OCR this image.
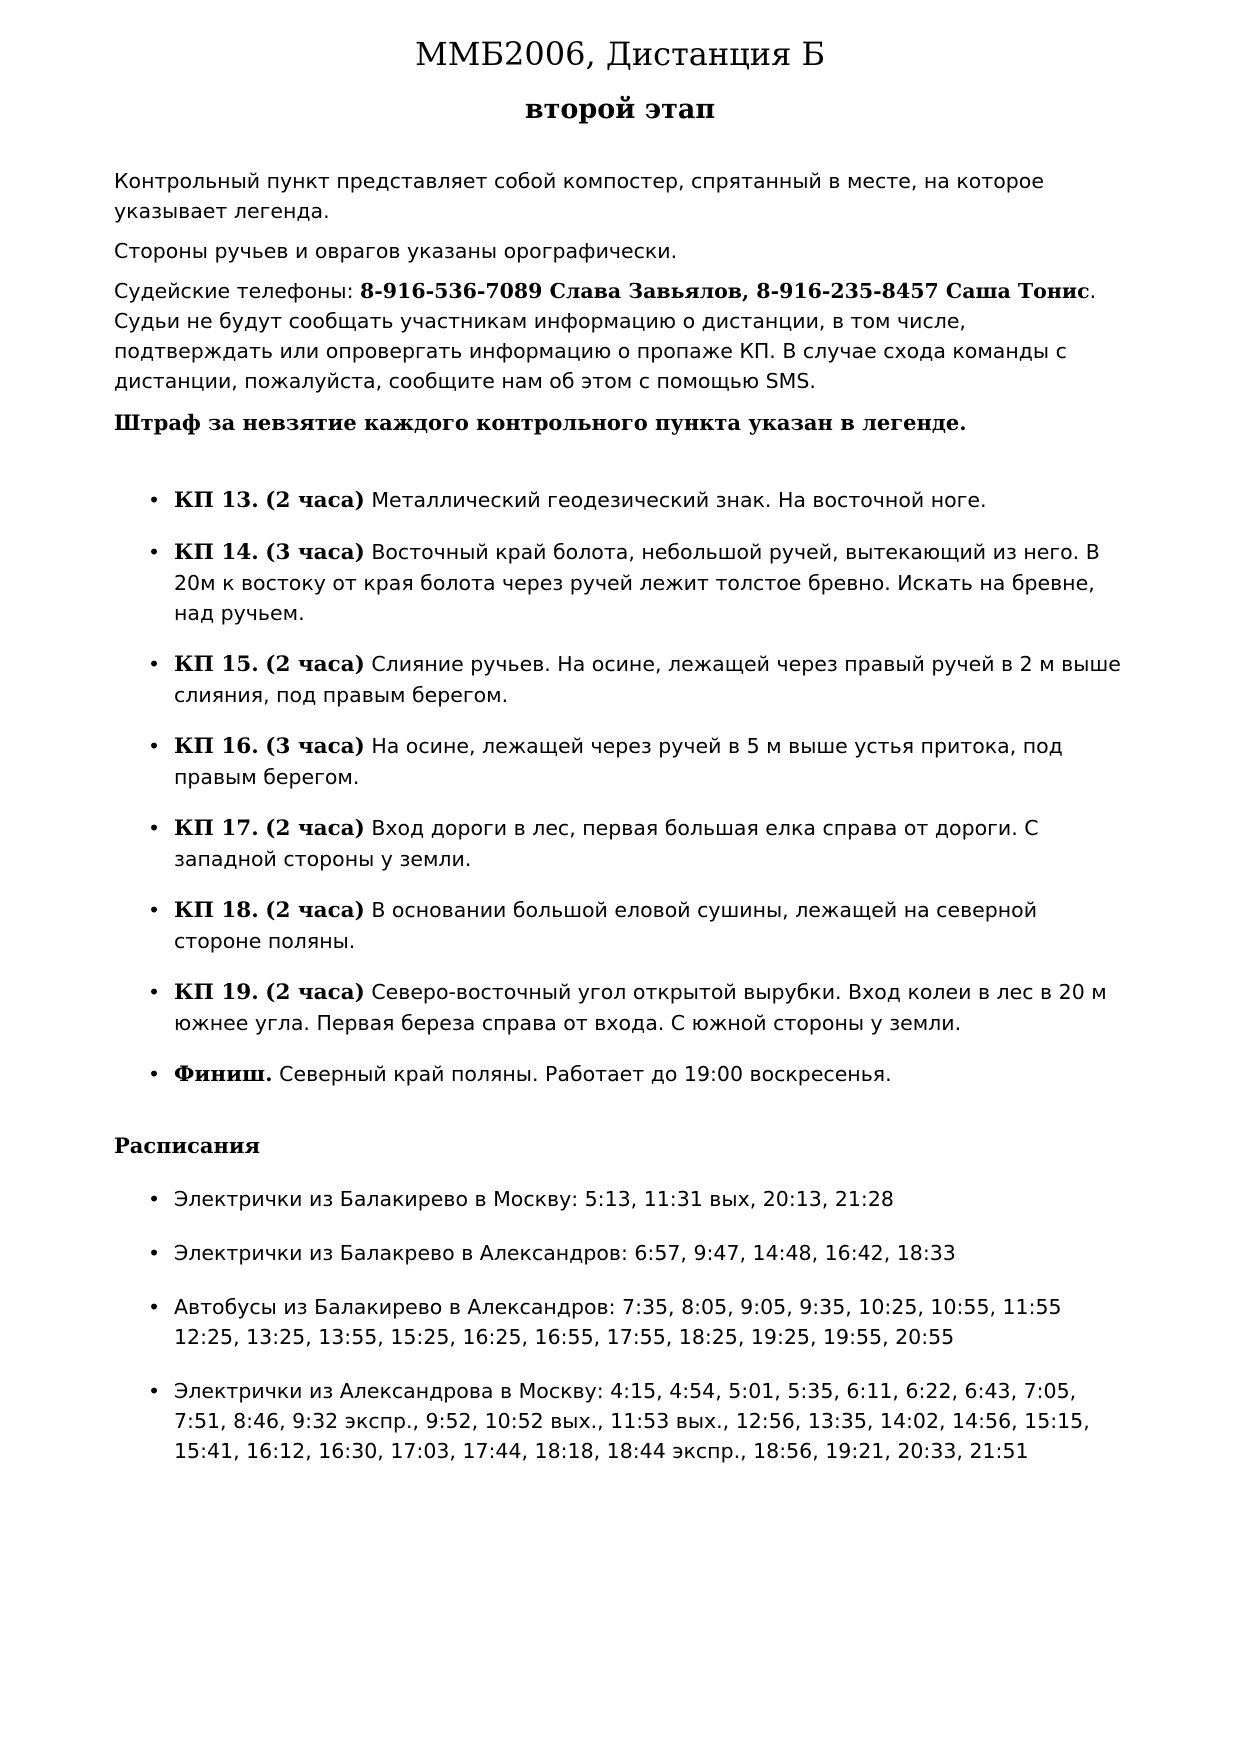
ММБ2006, Дистанция Б
второй этап

Контрольный пункт представляет собой компостер, спрятанный в месте, на которое указывает легенда.

Стороны ручьев и оврагов указаны орографически.

Судейские телефоны: 8-916-536-7089 Слава Завьялов, 8-916-235-8457 Саша Тонис. Судьи не будут сообщать участникам информацию о дистанции, в том числе, подтверждать или опровергать информацию о пропаже КП. В случае схода команды с дистанции, пожалуйста, сообщите нам об этом с помощью SMS.

Штраф за невзятие каждого контрольного пункта указан в легенде.

• КП 13. (2 часа) Металлический геодезический знак. На восточной ноге.
• КП 14. (3 часа) Восточный край болота, небольшой ручей, вытекающий из него. В 20м к востоку от края болота через ручей лежит толстое бревно. Искать на бревне, над ручьем.
• КП 15. (2 часа) Слияние ручьев. На осине, лежащей через правый ручей в 2 м выше слияния, под правым берегом.
• КП 16. (3 часа) На осине, лежащей через ручей в 5 м выше устья притока, под правым берегом.
• КП 17. (2 часа) Вход дороги в лес, первая большая елка справа от дороги. С западной стороны у земли.
• КП 18. (2 часа) В основании большой еловой сушины, лежащей на северной стороне поляны.
• КП 19. (2 часа) Северо-восточный угол открытой вырубки. Вход колеи в лес в 20 м южнее угла. Первая береза справа от входа. С южной стороны у земли.
• Финиш. Северный край поляны. Работает до 19:00 воскресенья.
Расписания
• Электрички из Балакирево в Москву: 5:13, 11:31 вых, 20:13, 21:28
• Электрички из Балакрево в Александров: 6:57, 9:47, 14:48, 16:42, 18:33
• Автобусы из Балакирево в Александров: 7:35, 8:05, 9:05, 9:35, 10:25, 10:55, 11:55 12:25, 13:25, 13:55, 15:25, 16:25, 16:55, 17:55, 18:25, 19:25, 19:55, 20:55
• Электрички из Александрова в Москву: 4:15, 4:54, 5:01, 5:35, 6:11, 6:22, 6:43, 7:05, 7:51, 8:46, 9:32 экспр., 9:52, 10:52 вых., 11:53 вых., 12:56, 13:35, 14:02, 14:56, 15:15, 15:41, 16:12, 16:30, 17:03, 17:44, 18:18, 18:44 экспр., 18:56, 19:21, 20:33, 21:51
